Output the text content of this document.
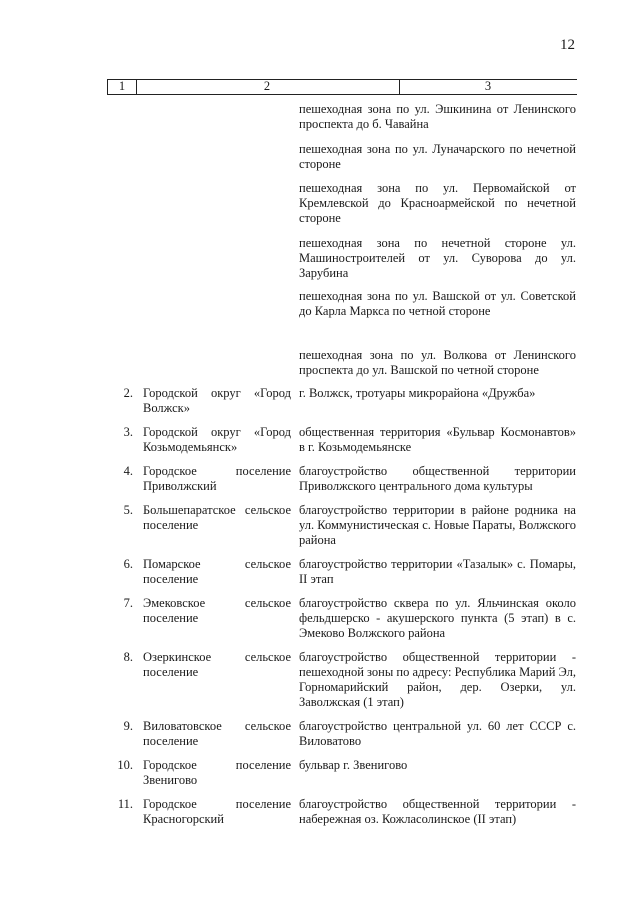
12
1	2	3
пешеходная зона по ул. Эшкинина от Ленинского проспекта до б. Чавайна
пешеходная зона по ул. Луначарского по нечетной стороне
пешеходная зона по ул. Первомайской от Кремлевской до Красноармейской по нечетной стороне
пешеходная зона по нечетной стороне ул. Машиностроителей от ул. Суворова до ул. Зарубина
пешеходная зона по ул. Вашской от ул. Советской до Карла Маркса по четной стороне
пешеходная зона по ул. Волкова от Ленинского проспекта до ул. Вашской по четной стороне
2. Городской округ «Город Волжск»
г. Волжск, тротуары микрорайона «Дружба»
3. Городской округ «Город Козьмодемьянск»
общественная территория «Бульвар Космонавтов» в г. Козьмодемьянске
4. Городское поселение Приволжский
благоустройство общественной территории Приволжского центрального дома культуры
5. Большепаратское сельское поселение
благоустройство территории в районе родника на ул. Коммунистическая с. Новые Параты, Волжского района
6. Помарское сельское поселение
благоустройство территории «Тазалык» с. Помары, II этап
7. Эмековское сельское поселение
благоустройство сквера по ул. Яльчинская около фельдшерско - акушерского пункта (5 этап) в с. Эмеково Волжского района
8. Озеркинское сельское поселение
благоустройство общественной территории - пешеходной зоны по адресу: Республика Марий Эл, Горномарийский район, дер. Озерки, ул. Заволжская (1 этап)
9. Виловатовское сельское поселение
благоустройство центральной ул. 60 лет СССР с. Виловатово
10. Городское поселение Звенигово
бульвар г. Звенигово
11. Городское поселение Красногорский
благоустройство общественной территории - набережная оз. Кожласолинское (II этап)
